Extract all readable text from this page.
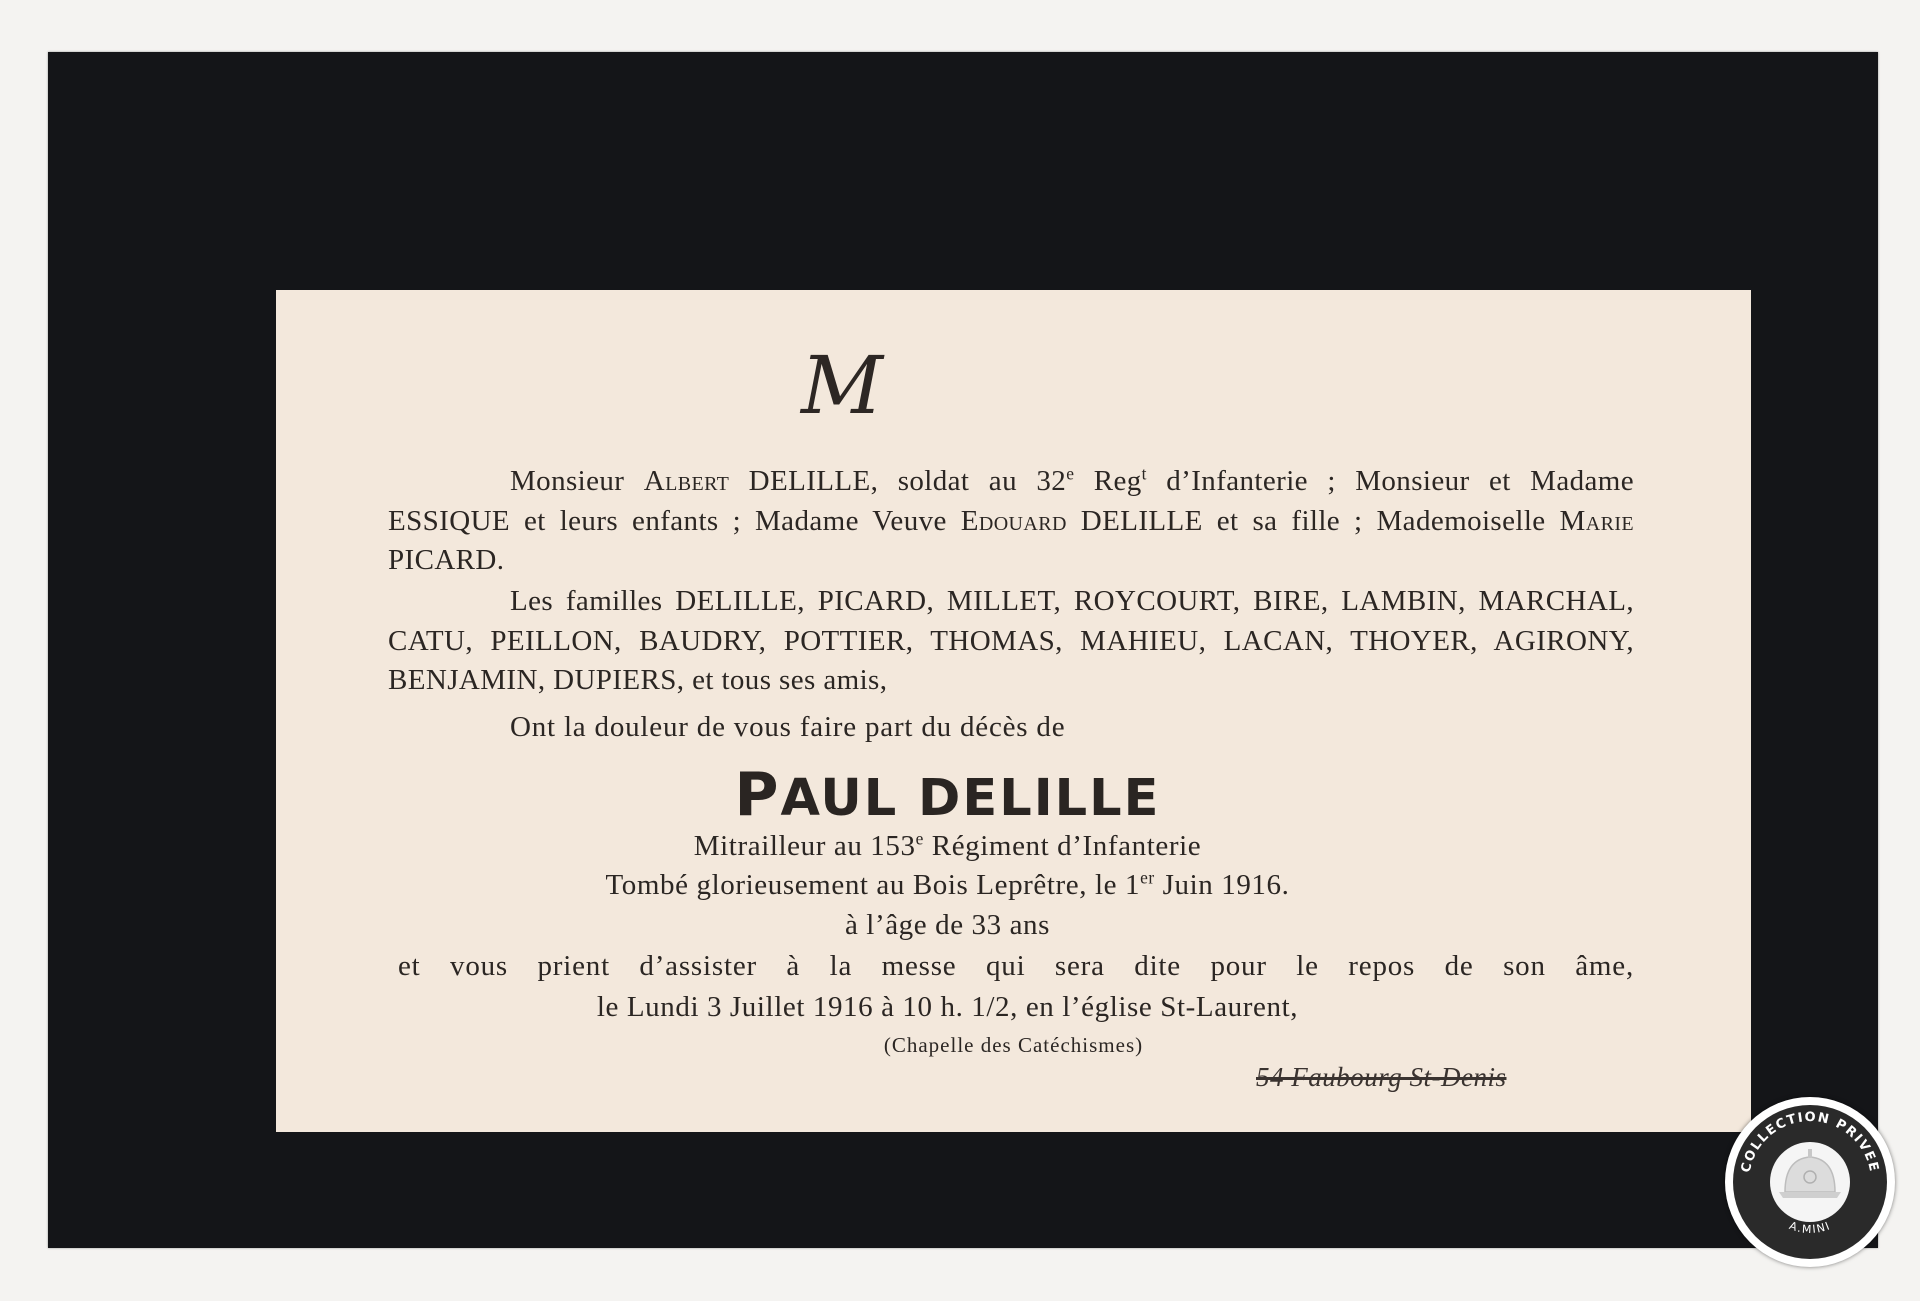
M
Monsieur Albert DELILLE, soldat au 32e Reg$^t$ d’Infanterie ; Monsieur et Madame ESSIQUE et leurs enfants ; Madame Veuve Edouard DELILLE et sa fille ; Mademoiselle Marie PICARD.
Les familles DELILLE, PICARD, MILLET, ROYCOURT, BIRE, LAMBIN, MARCHAL, CATU, PEILLON, BAUDRY, POTTIER, THOMAS, MAHIEU, LACAN, THOYER, AGIRONY, BENJAMIN, DUPIERS, et tous ses amis,
Ont la douleur de vous faire part du décès de
PAUL DELILLE
Mitrailleur au 153e Régiment d’Infanterie
Tombé glorieusement au Bois Leprêtre, le 1er Juin 1916.
à l’âge de 33 ans
et vous prient d’assister à la messe qui sera dite pour le repos de son âme,
le Lundi 3 Juillet 1916 à 10 h. 1/2, en l’église St-Laurent,
(Chapelle des Catéchismes)
54 Faubourg St-Denis
COLLECTION PRIVEE
A.MINI
